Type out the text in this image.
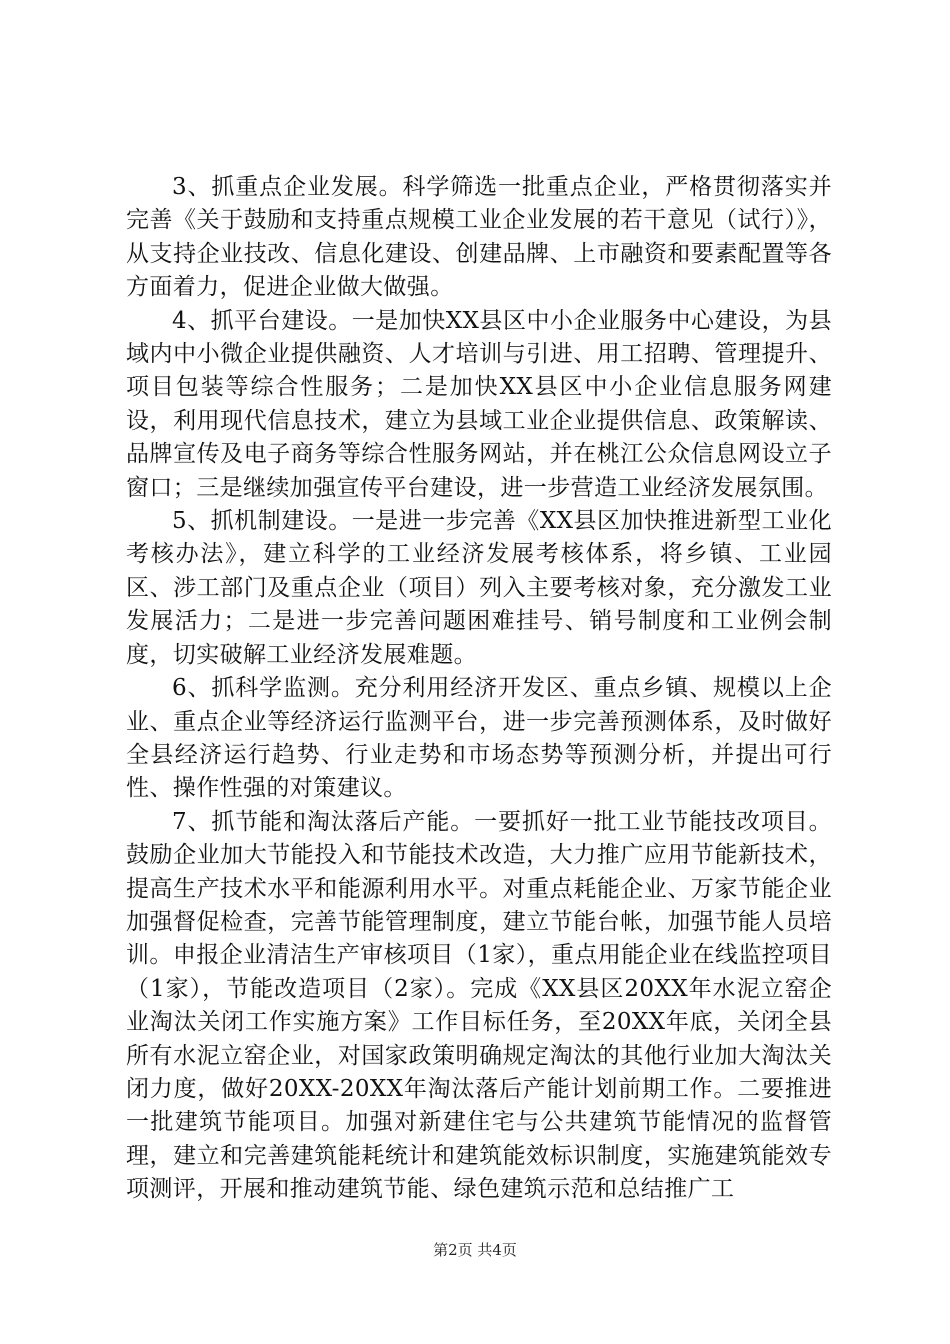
3、抓重点企业发展。科学筛选一批重点企业，严格贯彻落实并完善《关于鼓励和支持重点规模工业企业发展的若干意见（试行）》，从支持企业技改、信息化建设、创建品牌、上市融资和要素配置等各方面着力，促进企业做大做强。

4、抓平台建设。一是加快XX县区中小企业服务中心建设，为县域内中小微企业提供融资、人才培训与引进、用工招聘、管理提升、项目包装等综合性服务；二是加快XX县区中小企业信息服务网建设，利用现代信息技术，建立为县域工业企业提供信息、政策解读、品牌宣传及电子商务等综合性服务网站，并在桃江公众信息网设立子窗口；三是继续加强宣传平台建设，进一步营造工业经济发展氛围。

5、抓机制建设。一是进一步完善《XX县区加快推进新型工业化考核办法》，建立科学的工业经济发展考核体系，将乡镇、工业园区、涉工部门及重点企业（项目）列入主要考核对象，充分激发工业发展活力；二是进一步完善问题困难挂号、销号制度和工业例会制度，切实破解工业经济发展难题。

6、抓科学监测。充分利用经济开发区、重点乡镇、规模以上企业、重点企业等经济运行监测平台，进一步完善预测体系，及时做好全县经济运行趋势、行业走势和市场态势等预测分析，并提出可行性、操作性强的对策建议。

7、抓节能和淘汰落后产能。一要抓好一批工业节能技改项目。鼓励企业加大节能投入和节能技术改造，大力推广应用节能新技术，提高生产技术水平和能源利用水平。对重点耗能企业、万家节能企业加强督促检查，完善节能管理制度，建立节能台帐，加强节能人员培训。申报企业清洁生产审核项目（1家），重点用能企业在线监控项目（1家），节能改造项目（2家）。完成《XX县区20XX年水泥立窑企业淘汰关闭工作实施方案》工作目标任务，至20XX年底，关闭全县所有水泥立窑企业，对国家政策明确规定淘汰的其他行业加大淘汰关闭力度，做好20XX-20XX年淘汰落后产能计划前期工作。二要推进一批建筑节能项目。加强对新建住宅与公共建筑节能情况的监督管理，建立和完善建筑能耗统计和建筑能效标识制度，实施建筑能效专项测评，开展和推动建筑节能、绿色建筑示范和总结推广工

第2页 共4页
